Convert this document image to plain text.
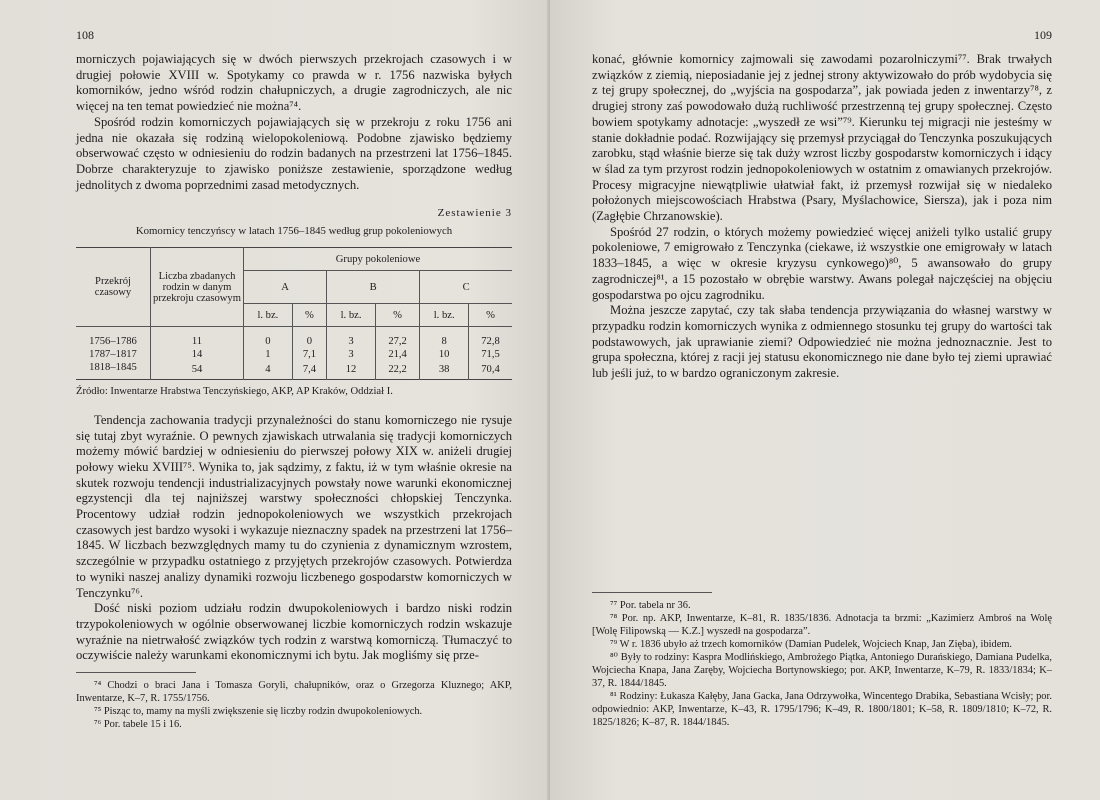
108

morniczych pojawiających się w dwóch pierwszych przekrojach czasowych i w drugiej połowie XVIII w. Spotykamy co prawda w r. 1756 nazwiska byłych komorników, jedno wśród rodzin chałupniczych, a drugie zagrodniczych, ale nic więcej na ten temat powiedzieć nie można⁷⁴.

Spośród rodzin komorniczych pojawiających się w przekroju z roku 1756 ani jedna nie okazała się rodziną wielopokoleniową. Podobne zjawisko będziemy obserwować często w odniesieniu do rodzin badanych na przestrzeni lat 1756–1845. Dobrze charakteryzuje to zjawisko poniższe zestawienie, sporządzone według jednolitych z dwoma poprzednimi zasad metodycznych.

Zestawienie 3
Komornicy tenczyńscy w latach 1756–1845 według grup pokoleniowych
Przekrój czasowy	Liczba zbadanych rodzin w danym przekroju czasowym	Grupy pokoleniowe					
		A		B		C	
		l. bz.	%	l. bz.	%	l. bz.	%

1756–1786	11	0	0	3	27,2	8	72,8
1787–1817	14	1	7,1	3	21,4	10	71,5
1818–1845	54	4	7,4	12	22,2	38	70,4
Źródło: Inwentarze Hrabstwa Tenczyńskiego, AKP, AP Kraków, Oddział I.

Tendencja zachowania tradycji przynależności do stanu komorniczego nie rysuje się tutaj zbyt wyraźnie. O pewnych zjawiskach utrwalania się tradycji komorniczych możemy mówić bardziej w odniesieniu do pierwszej połowy XIX w. aniżeli drugiej połowy wieku XVIII⁷⁵. Wynika to, jak sądzimy, z faktu, iż w tym właśnie okresie na skutek rozwoju tendencji industrializacyjnych powstały nowe warunki ekonomicznej egzystencji dla tej najniższej warstwy społeczności chłopskiej Tenczynka. Procentowy udział rodzin jednopokoleniowych we wszystkich przekrojach czasowych jest bardzo wysoki i wykazuje nieznaczny spadek na przestrzeni lat 1756–1845. W liczbach bezwzględnych mamy tu do czynienia z dynamicznym wzrostem, szczególnie w przypadku ostatniego z przyjętych przekrojów czasowych. Potwierdza to wyniki naszej analizy dynamiki rozwoju liczbenego gospodarstw komorniczych w Tenczynku⁷⁶.

Dość niski poziom udziału rodzin dwupokoleniowych i bardzo niski rodzin trzypokoleniowych w ogólnie obserwowanej liczbie komorniczych rodzin wskazuje wyraźnie na nietrwałość związków tych rodzin z warstwą komorniczą. Tłumaczyć to oczywiście należy warunkami ekonomicznymi ich bytu. Jak mogliśmy się prze-

⁷⁴ Chodzi o braci Jana i Tomasza Goryli, chałupników, oraz o Grzegorza Kluznego; AKP, Inwentarze, K–7, R. 1755/1756.
⁷⁵ Pisząc to, mamy na myśli zwiększenie się liczby rodzin dwupokoleniowych.
⁷⁶ Por. tabele 15 i 16.
109

konać, głównie komornicy zajmowali się zawodami pozarolniczymi⁷⁷. Brak trwałych związków z ziemią, nieposiadanie jej z jednej strony aktywizowało do prób wydobycia się z tej grupy społecznej, do „wyjścia na gospodarza”, jak powiada jeden z inwentarzy⁷⁸, z drugiej strony zaś powodowało dużą ruchliwość przestrzenną tej grupy społecznej. Często bowiem spotykamy adnotacje: „wyszedł ze wsi”⁷⁹. Kierunku tej migracji nie jesteśmy w stanie dokładnie podać. Rozwijający się przemysł przyciągał do Tenczynka poszukujących zarobku, stąd właśnie bierze się tak duży wzrost liczby gospodarstw komorniczych i idący w ślad za tym przyrost rodzin jednopokoleniowych w ostatnim z omawianych przekrojów. Procesy migracyjne niewątpliwie ułatwiał fakt, iż przemysł rozwijał się w niedaleko położonych miejscowościach Hrabstwa (Psary, Myślachowice, Siersza), jak i poza nim (Zagłębie Chrzanowskie).

Spośród 27 rodzin, o których możemy powiedzieć więcej aniżeli tylko ustalić grupy pokoleniowe, 7 emigrowało z Tenczynka (ciekawe, iż wszystkie one emigrowały w latach 1833–1845, a więc w okresie kryzysu cynkowego)⁸⁰, 5 awansowało do grupy zagrodniczej⁸¹, a 15 pozostało w obrębie warstwy. Awans polegał najczęściej na objęciu gospodarstwa po ojcu zagrodniku.

Można jeszcze zapytać, czy tak słaba tendencja przywiązania do własnej warstwy w przypadku rodzin komorniczych wynika z odmiennego stosunku tej grupy do wartości tak podstawowych, jak uprawianie ziemi? Odpowiedzieć nie można jednoznacznie. Jest to grupa społeczna, której z racji jej statusu ekonomicznego nie dane było tej ziemi uprawiać lub jeśli już, to w bardzo ograniczonym zakresie.

⁷⁷ Por. tabela nr 36.
⁷⁸ Por. np. AKP, Inwentarze, K–81, R. 1835/1836. Adnotacja ta brzmi: „Kazimierz Ambroś na Wolę [Wolę Filipowską — K.Z.] wyszedł na gospodarza”.
⁷⁹ W r. 1836 ubyło aż trzech komorników (Damian Pudelek, Wojciech Knap, Jan Zięba), ibidem.
⁸⁰ Były to rodziny: Kaspra Modlińskiego, Ambrożego Piątka, Antoniego Durańskiego, Damiana Pudelka, Wojciecha Knapa, Jana Zaręby, Wojciecha Bortynowskiego; por. AKP, Inwentarze, K–79, R. 1833/1834; K–37, R. 1844/1845.
⁸¹ Rodziny: Łukasza Kałęby, Jana Gacka, Jana Odrzywołka, Wincentego Drabika, Sebastiana Wcisły; por. odpowiednio: AKP, Inwentarze, K–43, R. 1795/1796; K–49, R. 1800/1801; K–58, R. 1809/1810; K–72, R. 1825/1826; K–87, R. 1844/1845.
